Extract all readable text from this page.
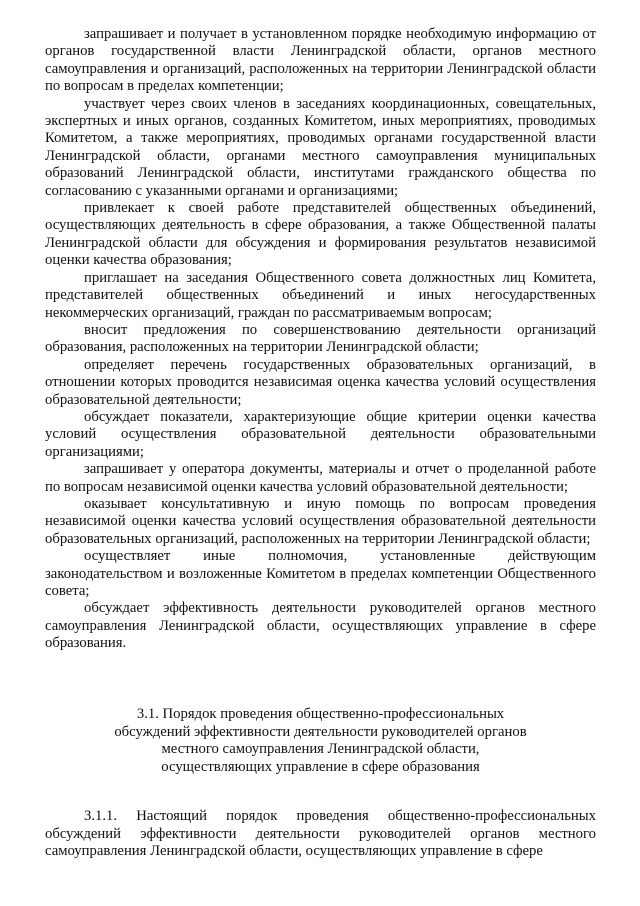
запрашивает и получает в установленном порядке необходимую информацию от органов государственной власти Ленинградской области, органов местного самоуправления и организаций, расположенных на территории Ленинградской области по вопросам в пределах компетенции;

участвует через своих членов в заседаниях координационных, совещательных, экспертных и иных органов, созданных Комитетом, иных мероприятиях, проводимых Комитетом, а также мероприятиях, проводимых органами государственной власти Ленинградской области, органами местного самоуправления муниципальных образований Ленинградской области, институтами гражданского общества по согласованию с указанными органами и организациями;

привлекает к своей работе представителей общественных объединений, осуществляющих деятельность в сфере образования, а также Общественной палаты Ленинградской области для обсуждения и формирования результатов независимой оценки качества образования;

приглашает на заседания Общественного совета должностных лиц Комитета, представителей общественных объединений и иных негосударственных некоммерческих организаций, граждан по рассматриваемым вопросам;

вносит предложения по совершенствованию деятельности организаций образования, расположенных на территории Ленинградской области;

определяет перечень государственных образовательных организаций, в отношении которых проводится независимая оценка качества условий осуществления образовательной деятельности;

обсуждает показатели, характеризующие общие критерии оценки качества условий осуществления образовательной деятельности образовательными организациями;

запрашивает у оператора документы, материалы и отчет о проделанной работе по вопросам независимой оценки качества условий образовательной деятельности;

оказывает консультативную и иную помощь по вопросам проведения независимой оценки качества условий осуществления образовательной деятельности образовательных организаций, расположенных на территории Ленинградской области;

осуществляет иные полномочия, установленные действующим законодательством и возложенные Комитетом в пределах компетенции Общественного совета;

обсуждает эффективность деятельности руководителей органов местного самоуправления Ленинградской области, осуществляющих управление в сфере образования.

3.1. Порядок проведения общественно-профессиональных
обсуждений эффективности деятельности руководителей органов
местного самоуправления Ленинградской области,
осуществляющих управление в сфере образования

3.1.1. Настоящий порядок проведения общественно-профессиональных обсуждений эффективности деятельности руководителей органов местного самоуправления Ленинградской области, осуществляющих управление в сфере
